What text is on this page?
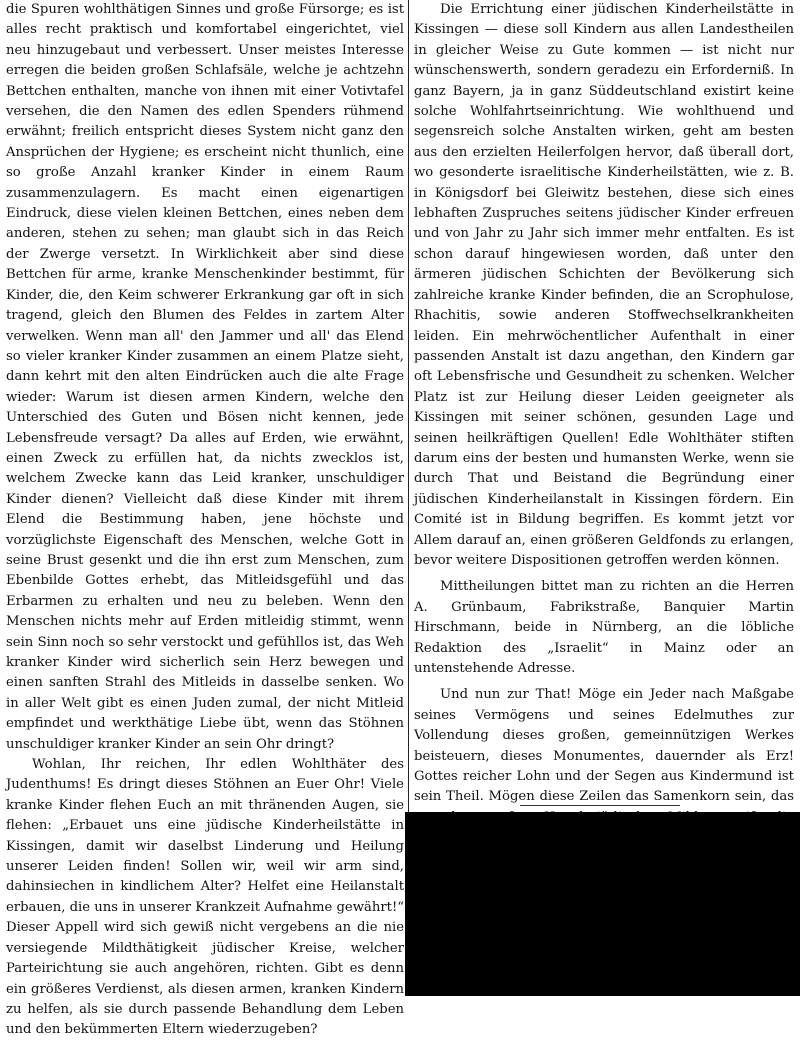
die Spuren wohlthätigen Sinnes und große Fürsorge; es ist alles recht praktisch und komfortabel eingerichtet, viel neu hinzugebaut und verbessert. Unser meistes Interesse erregen die beiden großen Schlafsäle, welche je achtzehn Bettchen enthalten, manche von ihnen mit einer Votivtafel versehen, die den Namen des edlen Spenders rühmend erwähnt; freilich entspricht dieses System nicht ganz den Ansprüchen der Hygiene; es erscheint nicht thunlich, eine so große Anzahl kranker Kinder in einem Raum zusammenzulagern. Es macht einen eigenartigen Eindruck, diese vielen kleinen Bettchen, eines neben dem anderen, stehen zu sehen; man glaubt sich in das Reich der Zwerge versetzt. In Wirklichkeit aber sind diese Bettchen für arme, kranke Menschenkinder bestimmt, für Kinder, die, den Keim schwerer Erkrankung gar oft in sich tragend, gleich den Blumen des Feldes in zartem Alter verwelken. Wenn man all' den Jammer und all' das Elend so vieler kranker Kinder zusammen an einem Platze sieht, dann kehrt mit den alten Eindrücken auch die alte Frage wieder: Warum ist diesen armen Kindern, welche den Unterschied des Guten und Bösen nicht kennen, jede Lebensfreude versagt? Da alles auf Erden, wie erwähnt, einen Zweck zu erfüllen hat, da nichts zwecklos ist, welchem Zwecke kann das Leid kranker, unschuldiger Kinder dienen? Vielleicht daß diese Kinder mit ihrem Elend die Bestimmung haben, jene höchste und vorzüglichste Eigenschaft des Menschen, welche Gott in seine Brust gesenkt und die ihn erst zum Menschen, zum Ebenbilde Gottes erhebt, das Mitleidsgefühl und das Erbarmen zu erhalten und neu zu beleben. Wenn den Menschen nichts mehr auf Erden mitleidig stimmt, wenn sein Sinn noch so sehr verstockt und gefühllos ist, das Weh kranker Kinder wird sicherlich sein Herz bewegen und einen sanften Strahl des Mitleids in dasselbe senken. Wo in aller Welt gibt es einen Juden zumal, der nicht Mitleid empfindet und werkthätige Liebe übt, wenn das Stöhnen unschuldiger kranker Kinder an sein Ohr dringt?

Wohlan, Ihr reichen, Ihr edlen Wohlthäter des Judenthums! Es dringt dieses Stöhnen an Euer Ohr! Viele kranke Kinder flehen Euch an mit thränenden Augen, sie flehen: „Erbauet uns eine jüdische Kinderheilstätte in Kissingen, damit wir daselbst Linderung und Heilung unserer Leiden finden! Sollen wir, weil wir arm sind, dahinsiechen in kindlichem Alter? Helfet eine Heilanstalt erbauen, die uns in unserer Krankzeit Aufnahme gewährt!“ Dieser Appell wird sich gewiß nicht vergebens an die nie versiegende Mildthätigkeit jüdischer Kreise, welcher Parteirichtung sie auch angehören, richten. Gibt es denn ein größeres Verdienst, als diesen armen, kranken Kindern zu helfen, als sie durch passende Behandlung dem Leben und den bekümmerten Eltern wiederzugeben?

Die Errichtung einer jüdischen Kinderheilstätte in Kissingen — diese soll Kindern aus allen Landestheilen in gleicher Weise zu Gute kommen — ist nicht nur wünschenswerth, sondern geradezu ein Erforderniß. In ganz Bayern, ja in ganz Süddeutschland existirt keine solche Wohlfahrtseinrichtung. Wie wohlthuend und segensreich solche Anstalten wirken, geht am besten aus den erzielten Heilerfolgen hervor, daß überall dort, wo gesonderte israelitische Kinderheilstätten, wie z. B. in Königsdorf bei Gleiwitz bestehen, diese sich eines lebhaften Zuspruches seitens jüdischer Kinder erfreuen und von Jahr zu Jahr sich immer mehr entfalten. Es ist schon darauf hingewiesen worden, daß unter den ärmeren jüdischen Schichten der Bevölkerung sich zahlreiche kranke Kinder befinden, die an Scrophulose, Rhachitis, sowie anderen Stoffwechselkrankheiten leiden. Ein mehrwöchentlicher Aufenthalt in einer passenden Anstalt ist dazu angethan, den Kindern gar oft Lebensfrische und Gesundheit zu schenken. Welcher Platz ist zur Heilung dieser Leiden geeigneter als Kissingen mit seiner schönen, gesunden Lage und seinen heilkräftigen Quellen! Edle Wohlthäter stiften darum eins der besten und humansten Werke, wenn sie durch That und Beistand die Begründung einer jüdischen Kinderheilanstalt in Kissingen fördern. Ein Comité ist in Bildung begriffen. Es kommt jetzt vor Allem darauf an, einen größeren Geldfonds zu erlangen, bevor weitere Dispositionen getroffen werden können.

Mittheilungen bittet man zu richten an die Herren A. Grünbaum, Fabrikstraße, Banquier Martin Hirschmann, beide in Nürnberg, an die löbliche Redaktion des „Israelit“ in Mainz oder an untenstehende Adresse.

Und nun zur That! Möge ein Jeder nach Maßgabe seines Vermögens und seines Edelmuthes zur Vollendung dieses großen, gemeinnützigen Werkes beisteuern, dieses Monumentes, dauernder als Erz! Gottes reicher Lohn und der Segen aus Kindermund ist sein Theil. Mögen diese Zeilen das Samenkorn sein, das
